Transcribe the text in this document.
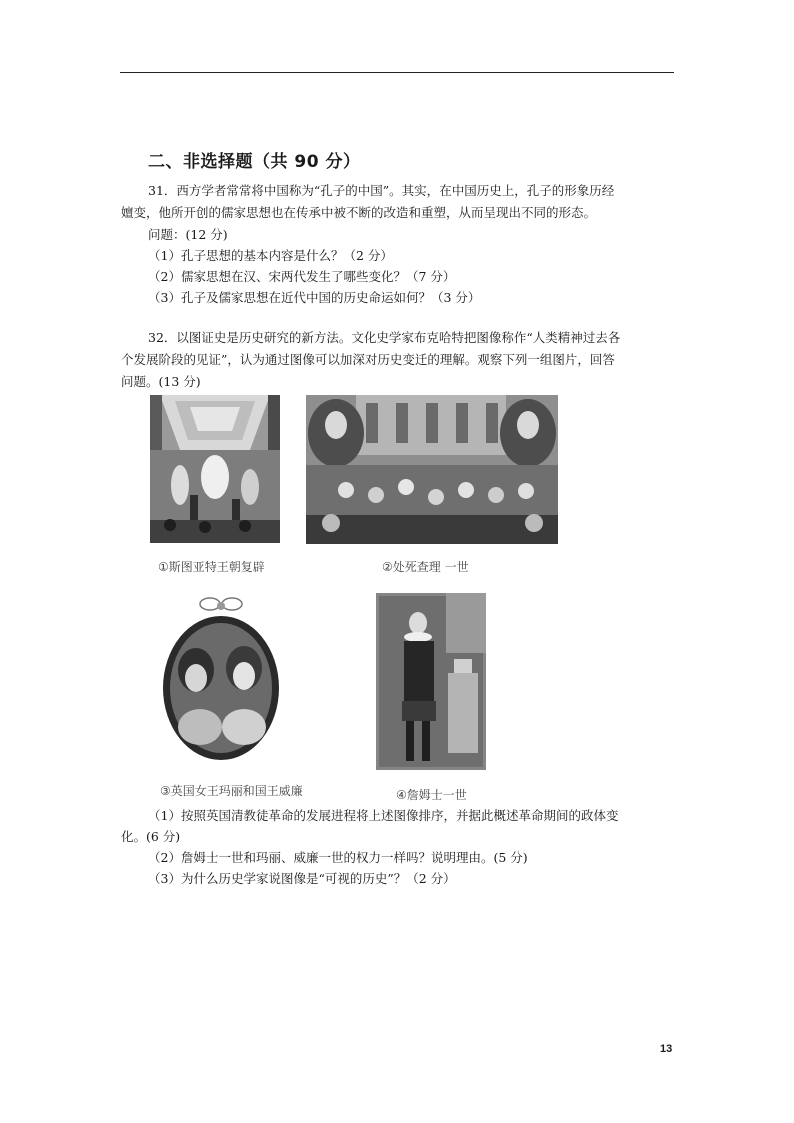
二、非选择题（共 90 分）
31．西方学者常常将中国称为“孔子的中国”。其实，在中国历史上，孔子的形象历经
嬗变，他所开创的儒家思想也在传承中被不断的改造和重塑，从而呈现出不同的形态。
问题：(12 分)
（1）孔子思想的基本内容是什么？（2 分）
（2）儒家思想在汉、宋两代发生了哪些变化？（7 分）
（3）孔子及儒家思想在近代中国的历史命运如何？（3 分）
32．以图证史是历史研究的新方法。文化史学家布克哈特把图像称作“人类精神过去各
个发展阶段的见证”，认为通过图像可以加深对历史变迁的理解。观察下列一组图片，回答
问题。(13 分)
①斯图亚特王朝复辟	②处死查理 一世
③英国女王玛丽和国王威廉	④詹姆士一世
（1）按照英国清教徒革命的发展进程将上述图像排序，并据此概述革命期间的政体变
化。(6 分)
（2）詹姆士一世和玛丽、威廉一世的权力一样吗？说明理由。(5 分)
（3）为什么历史学家说图像是“可视的历史”？（2 分）
13
